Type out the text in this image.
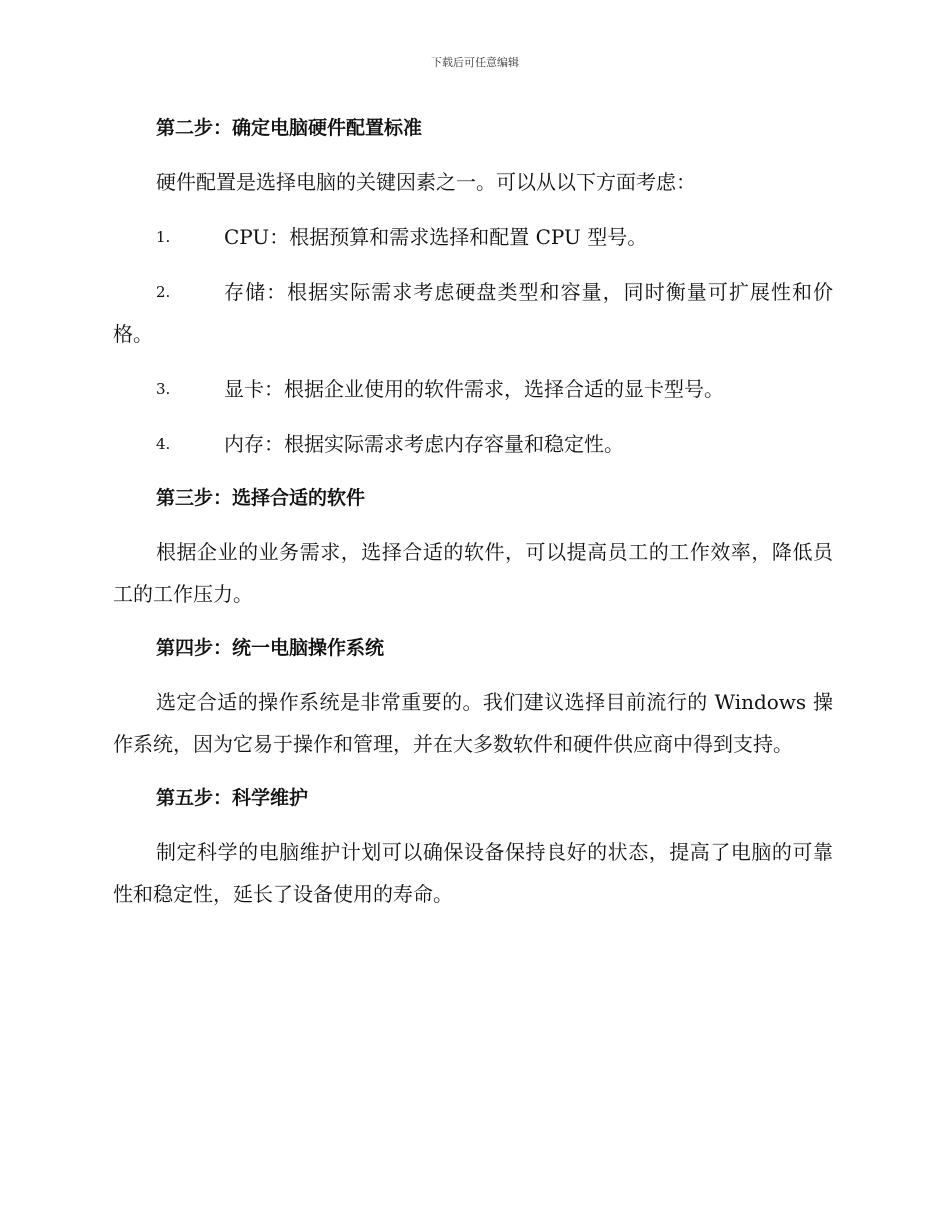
下载后可任意编辑
第二步：确定电脑硬件配置标准

硬件配置是选择电脑的关键因素之一。可以从以下方面考虑：

1.	CPU：根据预算和需求选择和配置 CPU 型号。
2.	存储：根据实际需求考虑硬盘类型和容量，同时衡量可扩展性和价格。
3.	显卡：根据企业使用的软件需求，选择合适的显卡型号。
4.	内存：根据实际需求考虑内存容量和稳定性。
第三步：选择合适的软件

根据企业的业务需求，选择合适的软件，可以提高员工的工作效率，降低员工的工作压力。

第四步：统一电脑操作系统

选定合适的操作系统是非常重要的。我们建议选择目前流行的 Windows 操作系统，因为它易于操作和管理，并在大多数软件和硬件供应商中得到支持。

第五步：科学维护

制定科学的电脑维护计划可以确保设备保持良好的状态，提高了电脑的可靠性和稳定性，延长了设备使用的寿命。
